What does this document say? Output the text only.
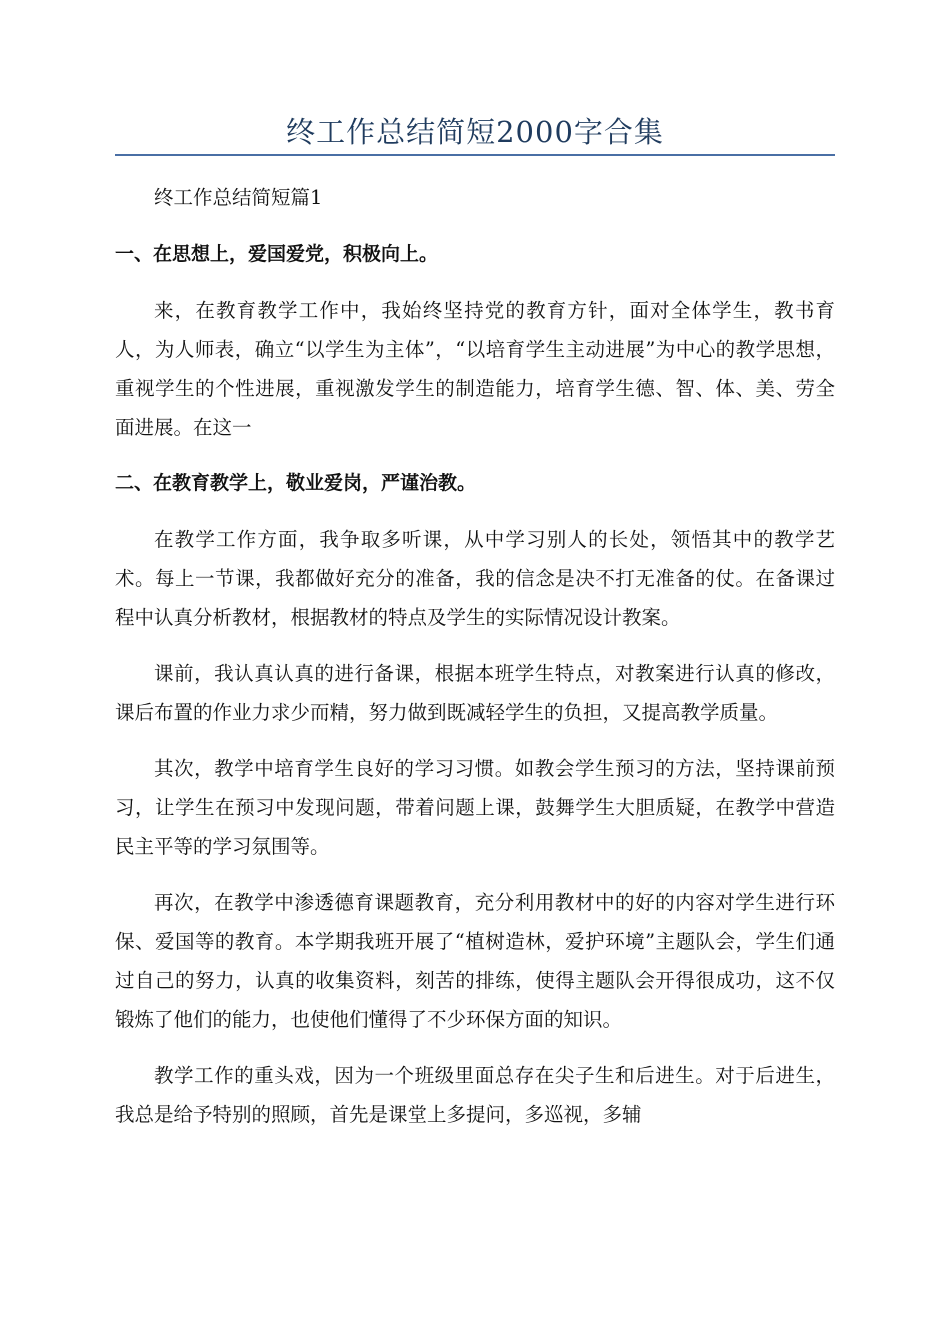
终工作总结简短2000字合集

终工作总结简短篇1

一、在思想上，爱国爱党，积极向上。

来，在教育教学工作中，我始终坚持党的教育方针，面对全体学生，教书育人，为人师表，确立“以学生为主体”，“以培育学生主动进展”为中心的教学思想，重视学生的个性进展，重视激发学生的制造能力，培育学生德、智、体、美、劳全面进展。在这一

二、在教育教学上，敬业爱岗，严谨治教。

在教学工作方面，我争取多听课，从中学习别人的长处，领悟其中的教学艺术。每上一节课，我都做好充分的准备，我的信念是决不打无准备的仗。在备课过程中认真分析教材，根据教材的特点及学生的实际情况设计教案。

课前，我认真认真的进行备课，根据本班学生特点，对教案进行认真的修改，课后布置的作业力求少而精，努力做到既减轻学生的负担，又提高教学质量。

其次，教学中培育学生良好的学习习惯。如教会学生预习的方法，坚持课前预习，让学生在预习中发现问题，带着问题上课，鼓舞学生大胆质疑，在教学中营造民主平等的学习氛围等。

再次，在教学中渗透德育课题教育，充分利用教材中的好的内容对学生进行环保、爱国等的教育。本学期我班开展了“植树造林，爱护环境”主题队会，学生们通过自己的努力，认真的收集资料，刻苦的排练，使得主题队会开得很成功，这不仅锻炼了他们的能力，也使他们懂得了不少环保方面的知识。

教学工作的重头戏，因为一个班级里面总存在尖子生和后进生。对于后进生，我总是给予特别的照顾，首先是课堂上多提问，多巡视，多辅
